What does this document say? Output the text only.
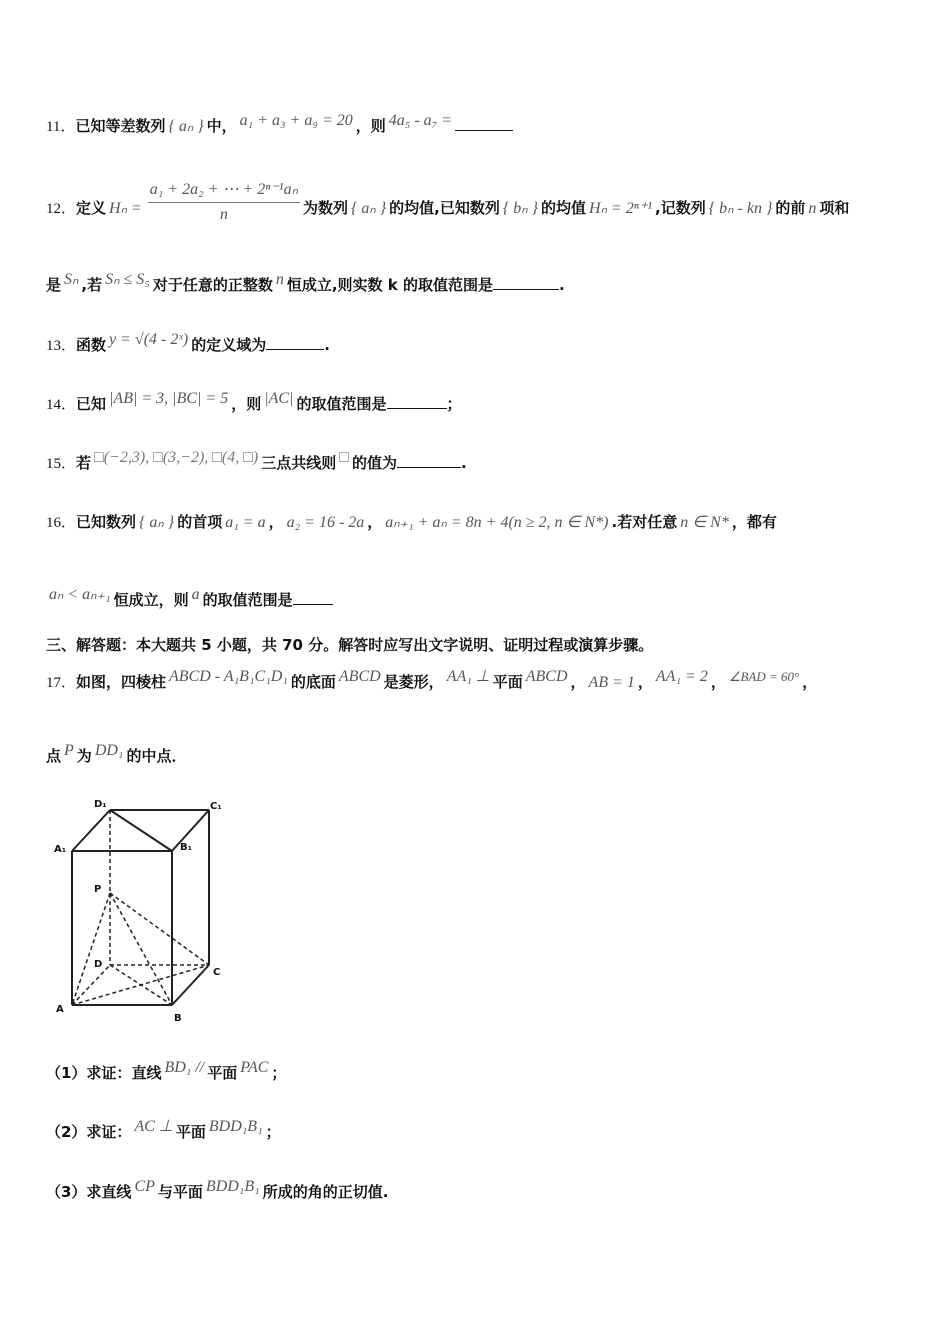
11．已知等差数列 { aₙ } 中， a₁ + a₃ + a₉ = 20 ，则 4a₅ - a₇ =
12．定义 $H_n = \frac{\text{a₁ + 2a₂ + ⋯ + 2ⁿ⁻¹aₙ}}{n}$ 为数列 { aₙ } 的均值,已知数列 { bₙ } 的均值 Hₙ = 2ⁿ⁺¹ ,记数列 { bₙ - kn } 的前 n 项和
是 Sₙ ,若 Sₙ ≤ S₅ 对于任意的正整数 n 恒成立,则实数 k 的取值范围是	.
13．函数 y = √(4 - 2ˣ) 的定义域为	.
14．已知 |AB| = 3, |BC| = 5 ，则 |AC| 的取值范围是	；
15．若 □(−2,3), □(3,−2), □(4, □) 三点共线则 □ 的值为	.
16．已知数列 { aₙ } 的首项 a₁ = a ， a₂ = 16 - 2a ， aₙ₊₁ + aₙ = 8n + 4(n ≥ 2, n ∈ N*) .若对任意 n ∈ N* ，都有
aₙ < aₙ₊₁ 恒成立，则 a 的取值范围是
三、解答题：本大题共 5 小题，共 70 分。解答时应写出文字说明、证明过程或演算步骤。
17．如图，四棱柱 ABCD - A₁B₁C₁D₁ 的底面 ABCD 是菱形， AA₁ ⊥ 平面 ABCD ， AB = 1 ， AA₁ = 2 ， ∠BAD = 60° ，
点 P 为 DD₁ 的中点．
D₁	C₁
A₁	B₁
P
D
C
A
B
（1）求证：直线 BD₁ // 平面 PAC ；
（2）求证： AC ⊥ 平面 BDD₁B₁ ；
（3）求直线 CP 与平面 BDD₁B₁ 所成的角的正切值.
